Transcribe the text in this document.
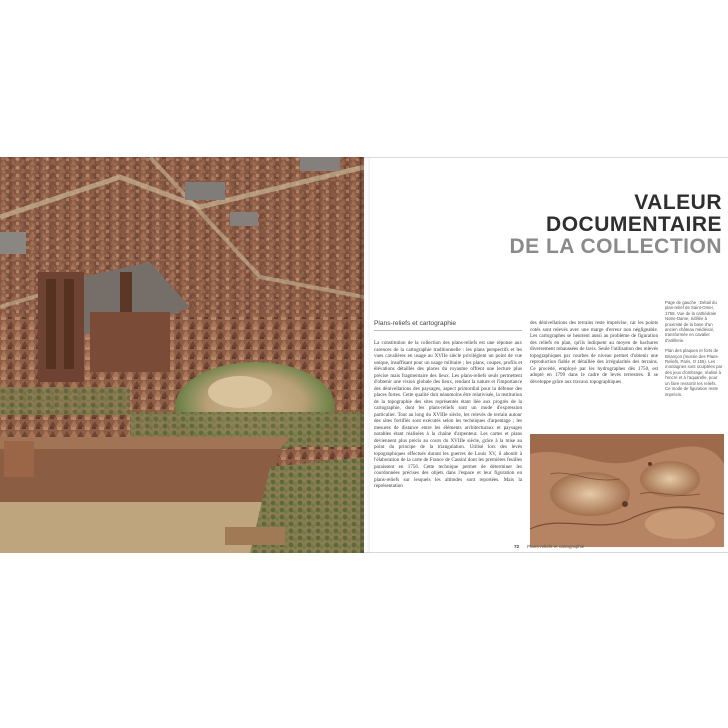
VALEUR
DOCUMENTAIRE
DE LA COLLECTION
Plans-reliefs et cartographie
La constitution de la collection des plans-reliefs est une réponse aux carences de la cartographie traditionnelle : les plans perspectifs et les vues cavalières en usage au XVIIe siècle privilégient un point de vue unique, insuffisant pour un usage militaire ; les plans, coupes, profils et élévations détaillés des places du royaume offrent une lecture plus précise mais fragmentaire des lieux. Les plans-reliefs seuls permettent d'obtenir une vision globale des lieux, rendant la nature et l'importance des dénivellations des paysages, aspect primordial pour la défense des places fortes. Cette qualité doit néanmoins être relativisée, la restitution de la topographie des sites représentés étant liée aux progrès de la cartographie, dont les plans-reliefs sont un mode d'expression particulier. Tout au long du XVIIIe siècle, les relevés de terrain autour des sites fortifiés sont exécutés selon les techniques d'arpentage ; les mesures de distance entre les éléments architecturaux et paysages notables étant réalisées à la chaîne d'arpenteur. Les cartes et plans deviennent plus précis au cours du XVIIIe siècle, grâce à la mise au point du principe de la triangulation. Utilisé lors des levés topographiques effectués durant les guerres de Louis XV, il aboutit à l'élaboration de la carte de France de Cassini dont les premières feuilles paraissent en 1756. Cette technique permet de déterminer les coordonnées précises des objets dans l'espace et leur figuration en plans-reliefs sur lesquels les altitudes sont reportées. Mais la représentation
des dénivellations des terrains reste imprécise, car les points cotés sont relevés avec une marge d'erreur non négligeable. Les cartographes se heurtent aussi au problème de figuration des reliefs en plan, qu'ils indiquent au moyen de hachures diversement rehaussées de lavis. Seule l'utilisation des relevés topographiques par courbes de niveau permet d'obtenir une reproduction fiable et détaillée des irrégularités des terrains. Ce procédé, employé par les hydrographes dès 1750, est adopté en 1799 dans le cadre de levés terrestres. Il se développe grâce aux travaux topographiques

Page de gauche : Détail du plan-relief de Saint-Omer, 1758. Vue de la cathédrale Notre-Dame, édifiée à proximité de la base d'un ancien château médiéval, transformée en cavalier d'artillerie.

Plan des plaques et forts de Briançon (musée des Plans-Reliefs, Paris, O 155). Les montagnes sont sculptées par des jeux d'ombrage, réalisé à l'encre et à l'aquarelle, pour un faire ressortir les reliefs. Ce mode de figuration reste imprécis.

72 Plans-reliefs et cartographie
